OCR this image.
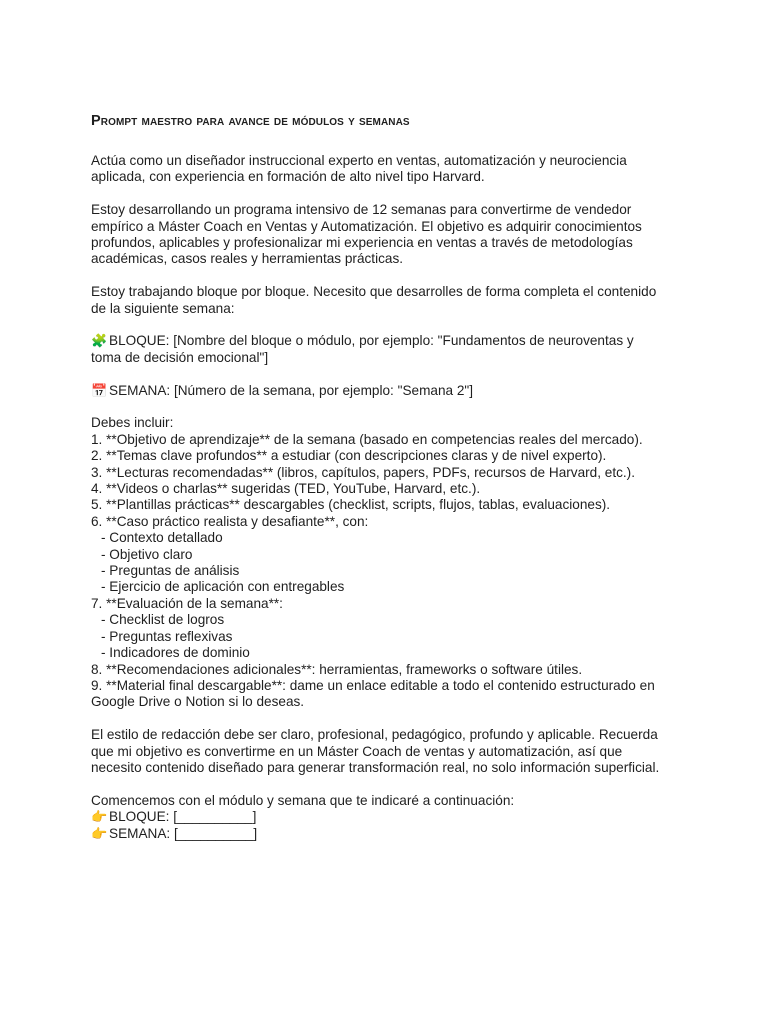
Prompt maestro para avance de módulos y semanas

Actúa como un diseñador instruccional experto en ventas, automatización y neurociencia
aplicada, con experiencia en formación de alto nivel tipo Harvard.

Estoy desarrollando un programa intensivo de 12 semanas para convertirme de vendedor
empírico a Máster Coach en Ventas y Automatización. El objetivo es adquirir conocimientos
profundos, aplicables y profesionalizar mi experiencia en ventas a través de metodologías
académicas, casos reales y herramientas prácticas.

Estoy trabajando bloque por bloque. Necesito que desarrolles de forma completa el contenido
de la siguiente semana:

🧩 BLOQUE: [Nombre del bloque o módulo, por ejemplo: "Fundamentos de neuroventas y
toma de decisión emocional"]

📅 SEMANA: [Número de la semana, por ejemplo: "Semana 2"]

Debes incluir:
1. **Objetivo de aprendizaje** de la semana (basado en competencias reales del mercado).
2. **Temas clave profundos** a estudiar (con descripciones claras y de nivel experto).
3. **Lecturas recomendadas** (libros, capítulos, papers, PDFs, recursos de Harvard, etc.).
4. **Videos o charlas** sugeridas (TED, YouTube, Harvard, etc.).
5. **Plantillas prácticas** descargables (checklist, scripts, flujos, tablas, evaluaciones).
6. **Caso práctico realista y desafiante**, con:
- Contexto detallado
- Objetivo claro
- Preguntas de análisis
- Ejercicio de aplicación con entregables
7. **Evaluación de la semana**:
- Checklist de logros
- Preguntas reflexivas
- Indicadores de dominio
8. **Recomendaciones adicionales**: herramientas, frameworks o software útiles.
9. **Material final descargable**: dame un enlace editable a todo el contenido estructurado en
Google Drive o Notion si lo deseas.

El estilo de redacción debe ser claro, profesional, pedagógico, profundo y aplicable. Recuerda
que mi objetivo es convertirme en un Máster Coach de ventas y automatización, así que
necesito contenido diseñado para generar transformación real, no solo información superficial.

Comencemos con el módulo y semana que te indicaré a continuación:
👉 BLOQUE: [__________]
👉 SEMANA: [__________]
